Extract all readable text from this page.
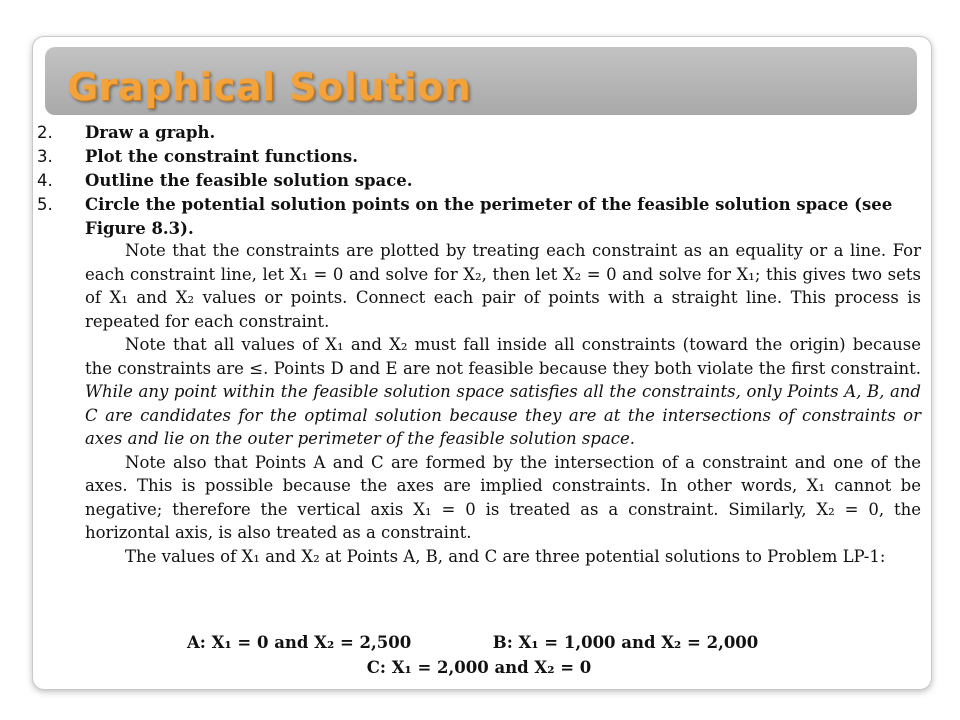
Graphical Solution
2. Draw a graph.
3. Plot the constraint functions.
4. Outline the feasible solution space.
5. Circle the potential solution points on the perimeter of the feasible solution space (see Figure 8.3).

Note that the constraints are plotted by treating each constraint as an equality or a line. For each constraint line, let X₁ = 0 and solve for X₂, then let X₂ = 0 and solve for X₁; this gives two sets of X₁ and X₂ values or points. Connect each pair of points with a straight line. This process is repeated for each constraint.

Note that all values of X₁ and X₂ must fall inside all constraints (toward the origin) because the constraints are ≤. Points D and E are not feasible because they both violate the first constraint. While any point within the feasible solution space satisfies all the constraints, only Points A, B, and C are candidates for the optimal solution because they are at the intersections of constraints or axes and lie on the outer perimeter of the feasible solution space.

Note also that Points A and C are formed by the intersection of a constraint and one of the axes. This is possible because the axes are implied constraints. In other words, X₁ cannot be negative; therefore the vertical axis X₁ = 0 is treated as a constraint. Similarly, X₂ = 0, the horizontal axis, is also treated as a constraint.

The values of X₁ and X₂ at Points A, B, and C are three potential solutions to Problem LP-1:

A: X₁ = 0 and X₂ = 2,500	B: X₁ = 1,000 and X₂ = 2,000
C: X₁ = 2,000 and X₂ = 0
